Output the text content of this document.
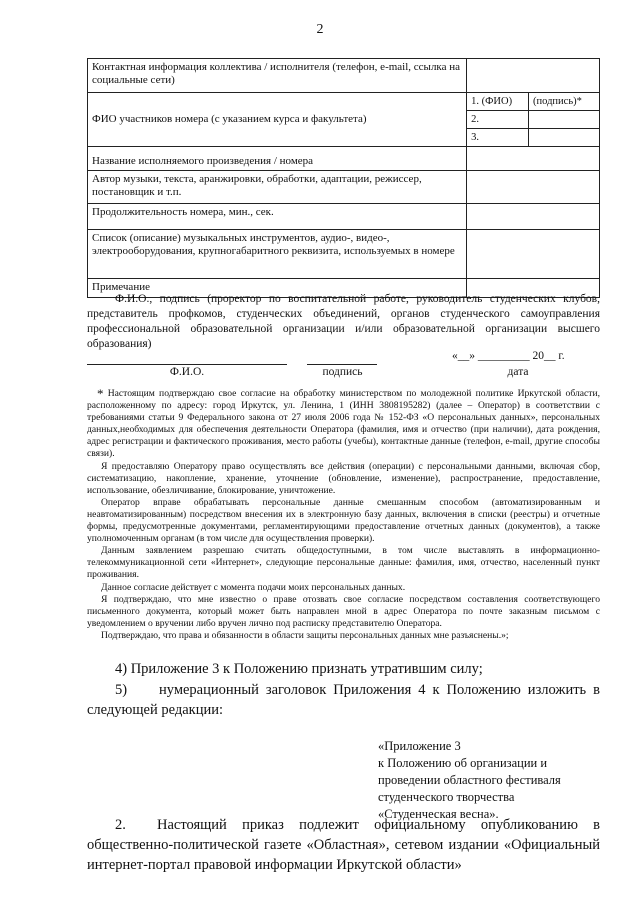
2
Контактная информация коллектива / исполнителя (телефон, e-mail, ссылка на социальные сети)		
ФИО участников номера (с указанием курса и факультета)	1. (ФИО)	(подпись)*
	2.	
	3.	
Название исполняемого произведения / номера		
Автор музыки, текста, аранжировки, обработки, адаптации, режиссер, постановщик и т.п.		
Продолжительность номера, мин., сек.		
Список (описание) музыкальных инструментов, аудио-, видео-, электрооборудования, крупногабаритного реквизита, используемых в номере		
Примечание		
Ф.И.О., подпись (проректор по воспитательной работе, руководитель студенческих клубов, представитель профкомов, студенческих объединений, органов студенческого самоуправления профессиональной образовательной организации и/или образовательной организации высшего образования)
«__» _________ 20__ г.
Ф.И.О.	подпись	дата

* Настоящим подтверждаю свое согласие на обработку министерством по молодежной политике Иркутской области, расположенному по адресу: город Иркутск, ул. Ленина, 1 (ИНН 3808195282) (далее – Оператор) в соответствии с требованиями статьи 9 Федерального закона от 27 июля 2006 года № 152-ФЗ «О персональных данных», персональных данных,необходимых для обеспечения деятельности Оператора (фамилия, имя и отчество (при наличии), дата рождения, адрес регистрации и фактического проживания, место работы (учебы), контактные данные (телефон, e-mail, другие способы связи).

Я предоставляю Оператору право осуществлять все действия (операции) с персональными данными, включая сбор, систематизацию, накопление, хранение, уточнение (обновление, изменение), распространение, предоставление, использование, обезличивание, блокирование, уничтожение.

Оператор вправе обрабатывать персональные данные смешанным способом (автоматизированным и неавтоматизированным) посредством внесения их в электронную базу данных, включения в списки (реестры) и отчетные формы, предусмотренные документами, регламентирующими предоставление отчетных данных (документов), а также уполномоченным органам (в том числе для осуществления проверки).

Данным заявлением разрешаю считать общедоступными, в том числе выставлять в информационно-телекоммуникационной сети «Интернет», следующие персональные данные: фамилия, имя, отчество, населенный пункт проживания.

Данное согласие действует с момента подачи моих персональных данных.

Я подтверждаю, что мне известно о праве отозвать свое согласие посредством составления соответствующего письменного документа, который может быть направлен мной в адрес Оператора по почте заказным письмом с уведомлением о вручении либо вручен лично под расписку представителю Оператора.

Подтверждаю, что права и обязанности в области защиты персональных данных мне разъяснены.»;

4) Приложение 3 к Положению признать утратившим силу;
5) нумерационный заголовок Приложения 4 к Положению изложить в следующей редакции:
«Приложение 3
к Положению об организации и
проведении областного фестиваля
студенческого творчества
«Студенческая весна».
2. Настоящий приказ подлежит официальному опубликованию в общественно-политической газете «Областная», сетевом издании «Официальный интернет-портал правовой информации Иркутской области»
